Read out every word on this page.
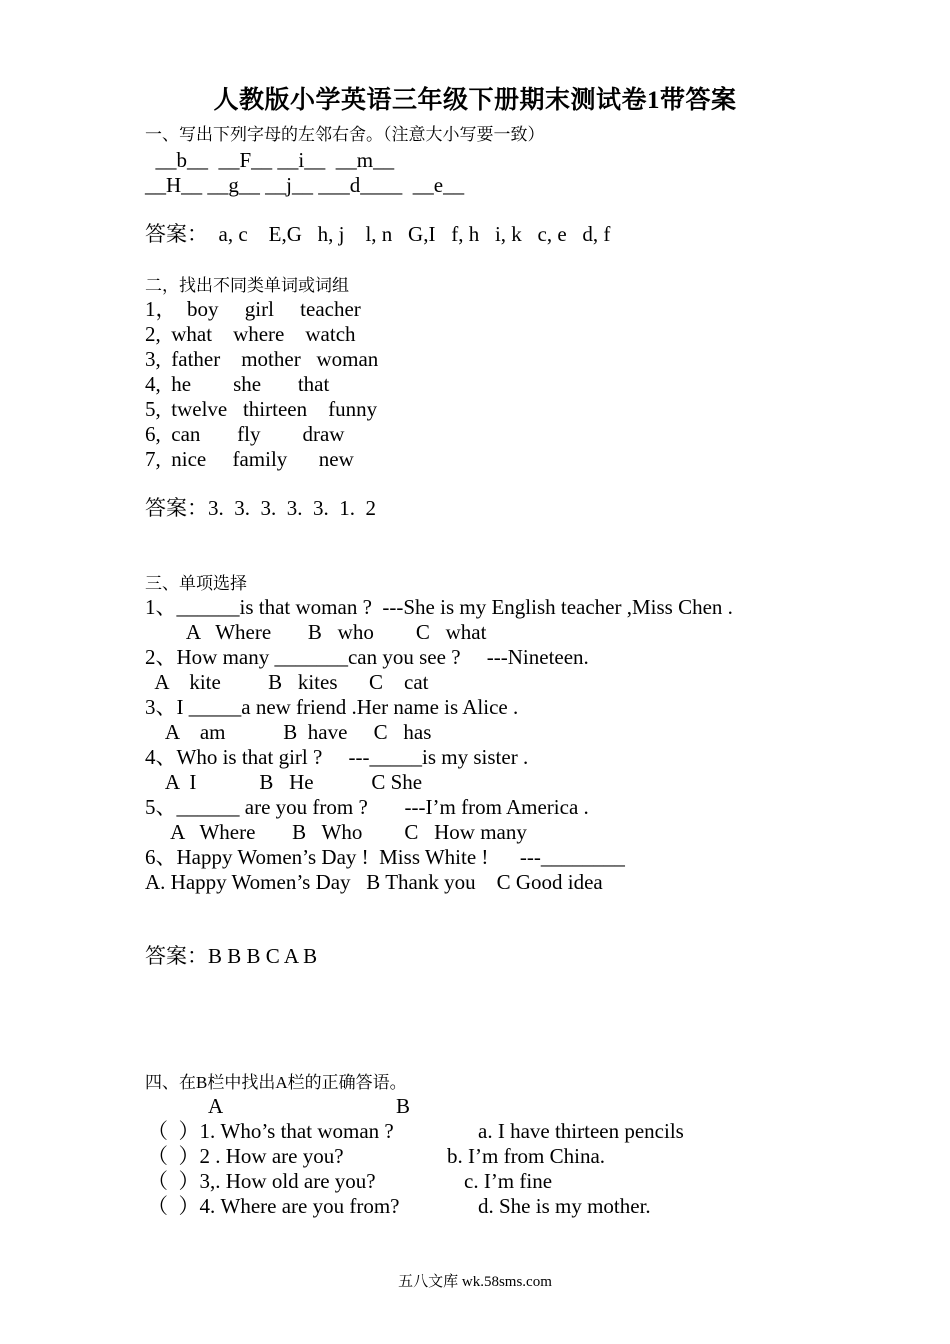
人教版小学英语三年级下册期末测试卷1带答案
一、写出下列字母的左邻右舍。（注意大小写要一致）
__b__  __F__ __i__  __m__
__H__ __g__ __j__ ___d____  __e__
答案：  a, c    E,G   h, j    l, n   G,I   f, h   i, k   c, e   d, f
二，找出不同类单词或词组
1，  boy     girl     teacher
2,  what    where    watch
3,  father    mother   woman
4,  he        she       that
5,  twelve   thirteen    funny
6,  can       fly        draw
7,  nice     family      new
答案：3.  3.  3.  3.  3.  1.  2
三、单项选择
1、______is that woman ?  ---She is my English teacher ,Miss Chen .
A   Where       B   who        C   what
2、How many _______can you see ?     ---Nineteen.
A    kite         B   kites      C    cat
3、I _____a new friend .Her name is Alice .
A    am           B  have     C   has
4、Who is that girl ?     ---_____is my sister .
A  I            B   He           C She
5、______ are you from ?       ---I’m from America .
A   Where       B   Who        C   How many
6、Happy Women’s Day !  Miss White !      ---________
A. Happy Women’s Day   B Thank you    C Good idea
答案：B B B C A B
四、在B栏中找出A栏的正确答语。
A	B
（  ）1. Who’s that woman ?	a. I have thirteen pencils
（  ）2 . How are you?	b. I’m from China.
（  ）3,. How old are you?	c. I’m fine
（  ）4. Where are you from?	d. She is my mother.
五八文库 wk.58sms.com
